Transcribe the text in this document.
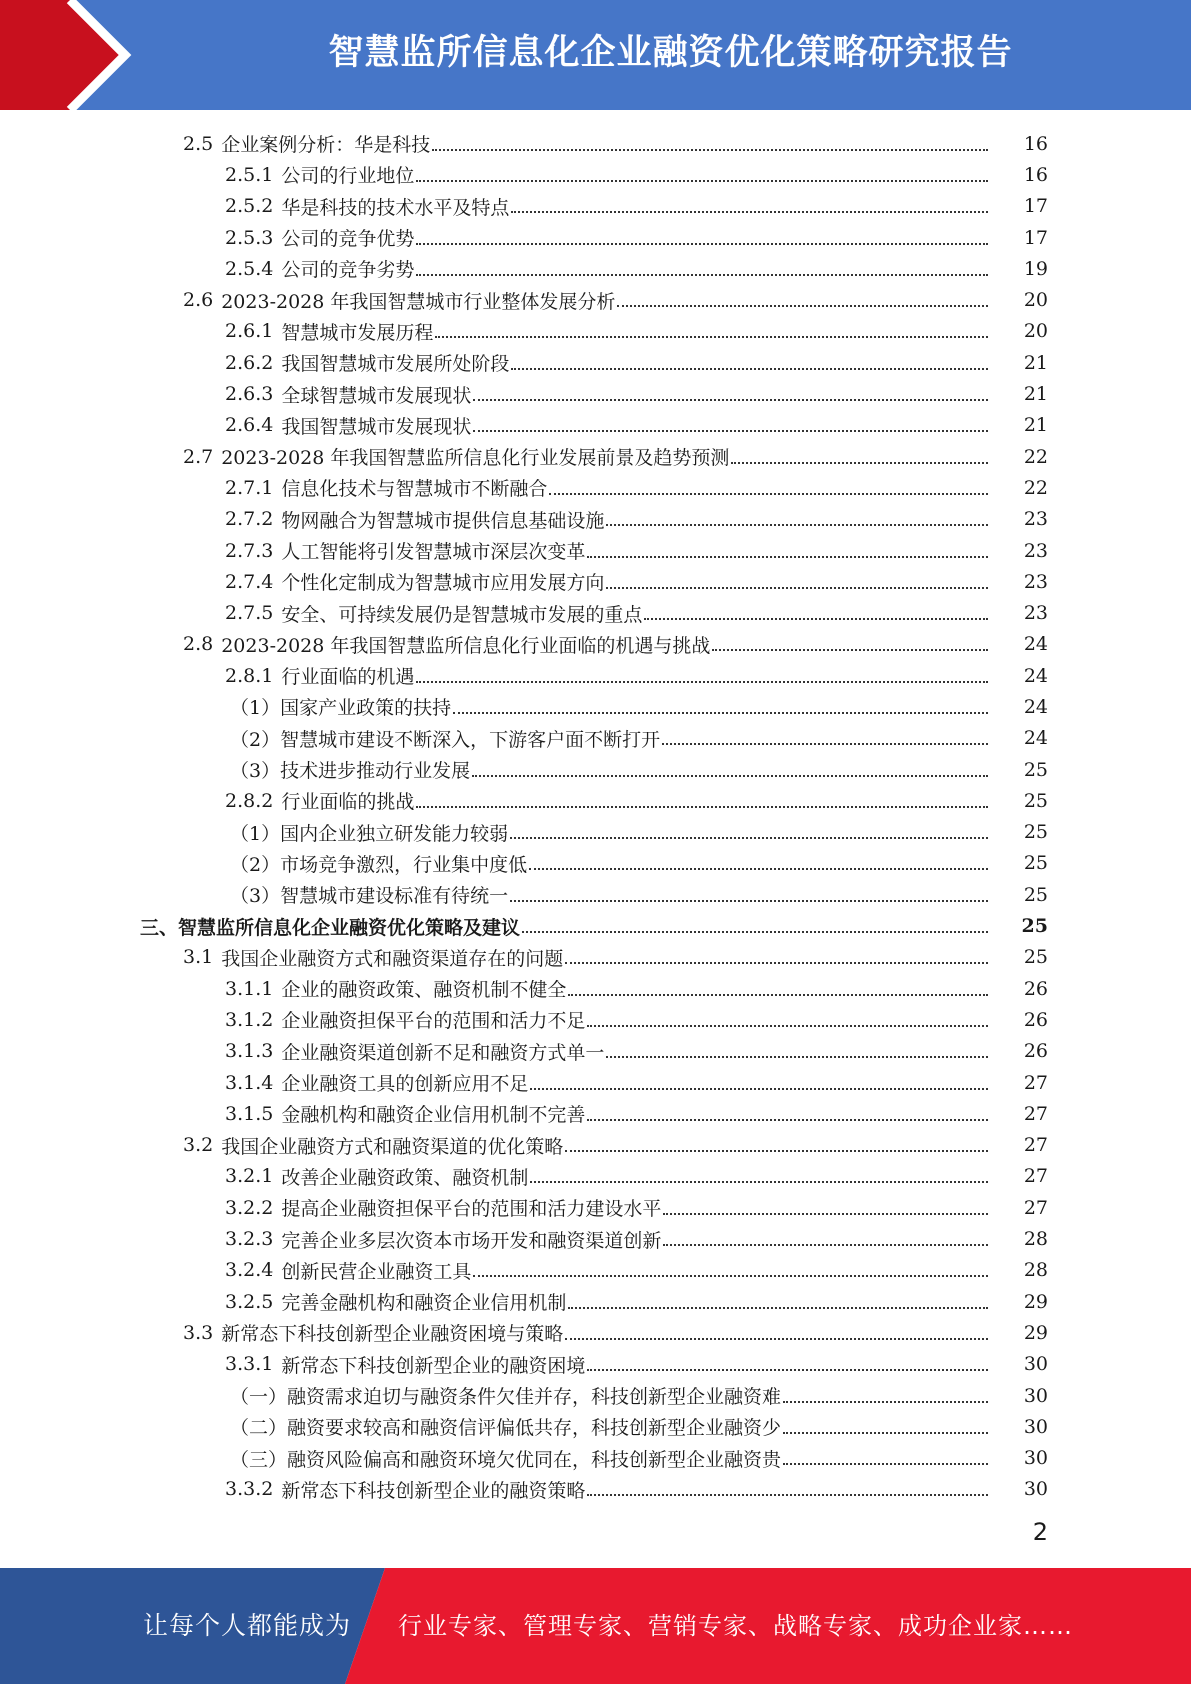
智慧监所信息化企业融资优化策略研究报告
2.5 企业案例分析：华是科技	16
2.5.1 公司的行业地位	16
2.5.2 华是科技的技术水平及特点	17
2.5.3 公司的竞争优势	17
2.5.4 公司的竞争劣势	19
2.6 2023-2028 年我国智慧城市行业整体发展分析	20
2.6.1 智慧城市发展历程	20
2.6.2 我国智慧城市发展所处阶段	21
2.6.3 全球智慧城市发展现状	21
2.6.4 我国智慧城市发展现状	21
2.7 2023-2028 年我国智慧监所信息化行业发展前景及趋势预测	22
2.7.1 信息化技术与智慧城市不断融合	22
2.7.2 物网融合为智慧城市提供信息基础设施	23
2.7.3 人工智能将引发智慧城市深层次变革	23
2.7.4 个性化定制成为智慧城市应用发展方向	23
2.7.5 安全、可持续发展仍是智慧城市发展的重点	23
2.8 2023-2028 年我国智慧监所信息化行业面临的机遇与挑战	24
2.8.1 行业面临的机遇	24
（1）国家产业政策的扶持	24
（2）智慧城市建设不断深入，下游客户面不断打开	24
（3）技术进步推动行业发展	25
2.8.2 行业面临的挑战	25
（1）国内企业独立研发能力较弱	25
（2）市场竞争激烈，行业集中度低	25
（3）智慧城市建设标准有待统一	25
三、智慧监所信息化企业融资优化策略及建议	25
3.1 我国企业融资方式和融资渠道存在的问题	25
3.1.1 企业的融资政策、融资机制不健全	26
3.1.2 企业融资担保平台的范围和活力不足	26
3.1.3 企业融资渠道创新不足和融资方式单一	26
3.1.4 企业融资工具的创新应用不足	27
3.1.5 金融机构和融资企业信用机制不完善	27
3.2 我国企业融资方式和融资渠道的优化策略	27
3.2.1 改善企业融资政策、融资机制	27
3.2.2 提高企业融资担保平台的范围和活力建设水平	27
3.2.3 完善企业多层次资本市场开发和融资渠道创新	28
3.2.4 创新民营企业融资工具	28
3.2.5 完善金融机构和融资企业信用机制	29
3.3 新常态下科技创新型企业融资困境与策略	29
3.3.1 新常态下科技创新型企业的融资困境	30
（一）融资需求迫切与融资条件欠佳并存，科技创新型企业融资难	30
（二）融资要求较高和融资信评偏低共存，科技创新型企业融资少	30
（三）融资风险偏高和融资环境欠优同在，科技创新型企业融资贵	30
3.3.2 新常态下科技创新型企业的融资策略	30
2
让每个人都能成为 行业专家、管理专家、营销专家、战略专家、成功企业家……
